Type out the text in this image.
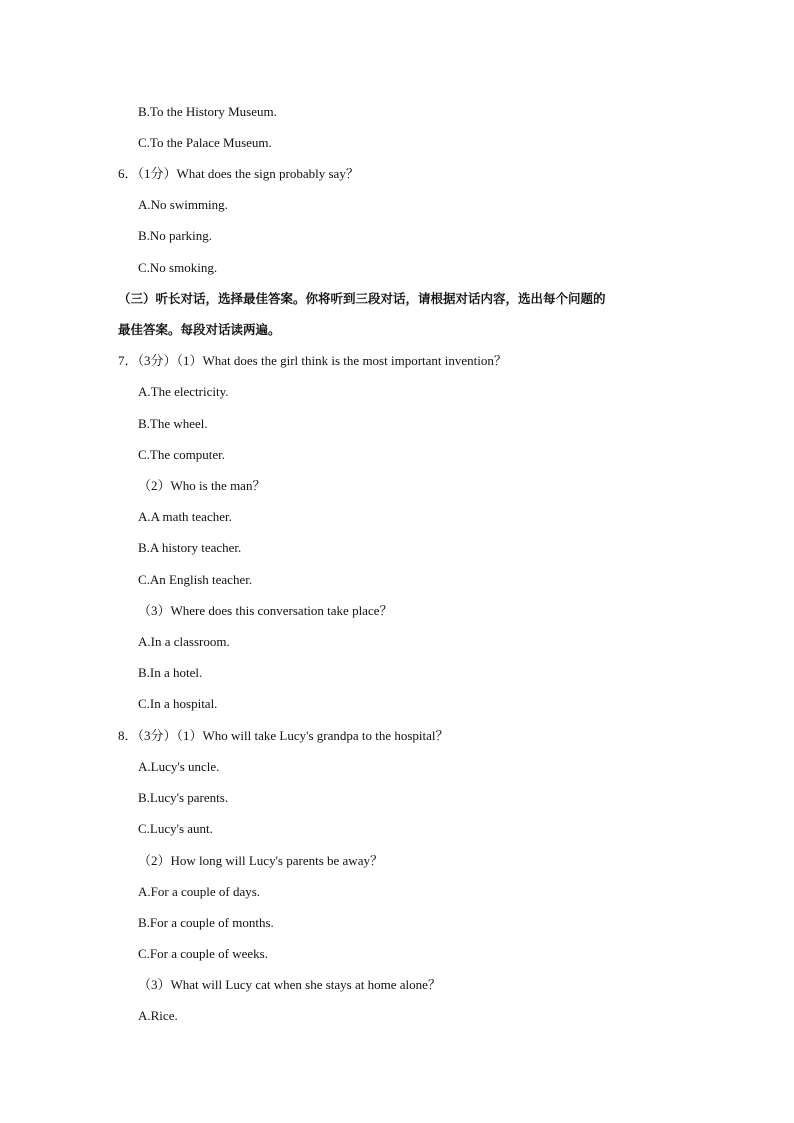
B.To the History Museum.
C.To the Palace Museum.
6．（1分）What does the sign probably say？
A.No swimming.
B.No parking.
C.No smoking.
（三）听长对话，选择最佳答案。你将听到三段对话，请根据对话内容，选出每个问题的
最佳答案。每段对话读两遍。
7．（3分）（1）What does the girl think is the most important invention？
A.The electricity.
B.The wheel.
C.The computer.
（2）Who is the man？
A.A math teacher.
B.A history teacher.
C.An English teacher.
（3）Where does this conversation take place？
A.In a classroom.
B.In a hotel.
C.In a hospital.
8．（3分）（1）Who will take Lucy's grandpa to the hospital？
A.Lucy's uncle.
B.Lucy's parents.
C.Lucy's aunt.
（2）How long will Lucy's parents be away？
A.For a couple of days.
B.For a couple of months.
C.For a couple of weeks.
（3）What will Lucy cat when she stays at home alone？
A.Rice.
